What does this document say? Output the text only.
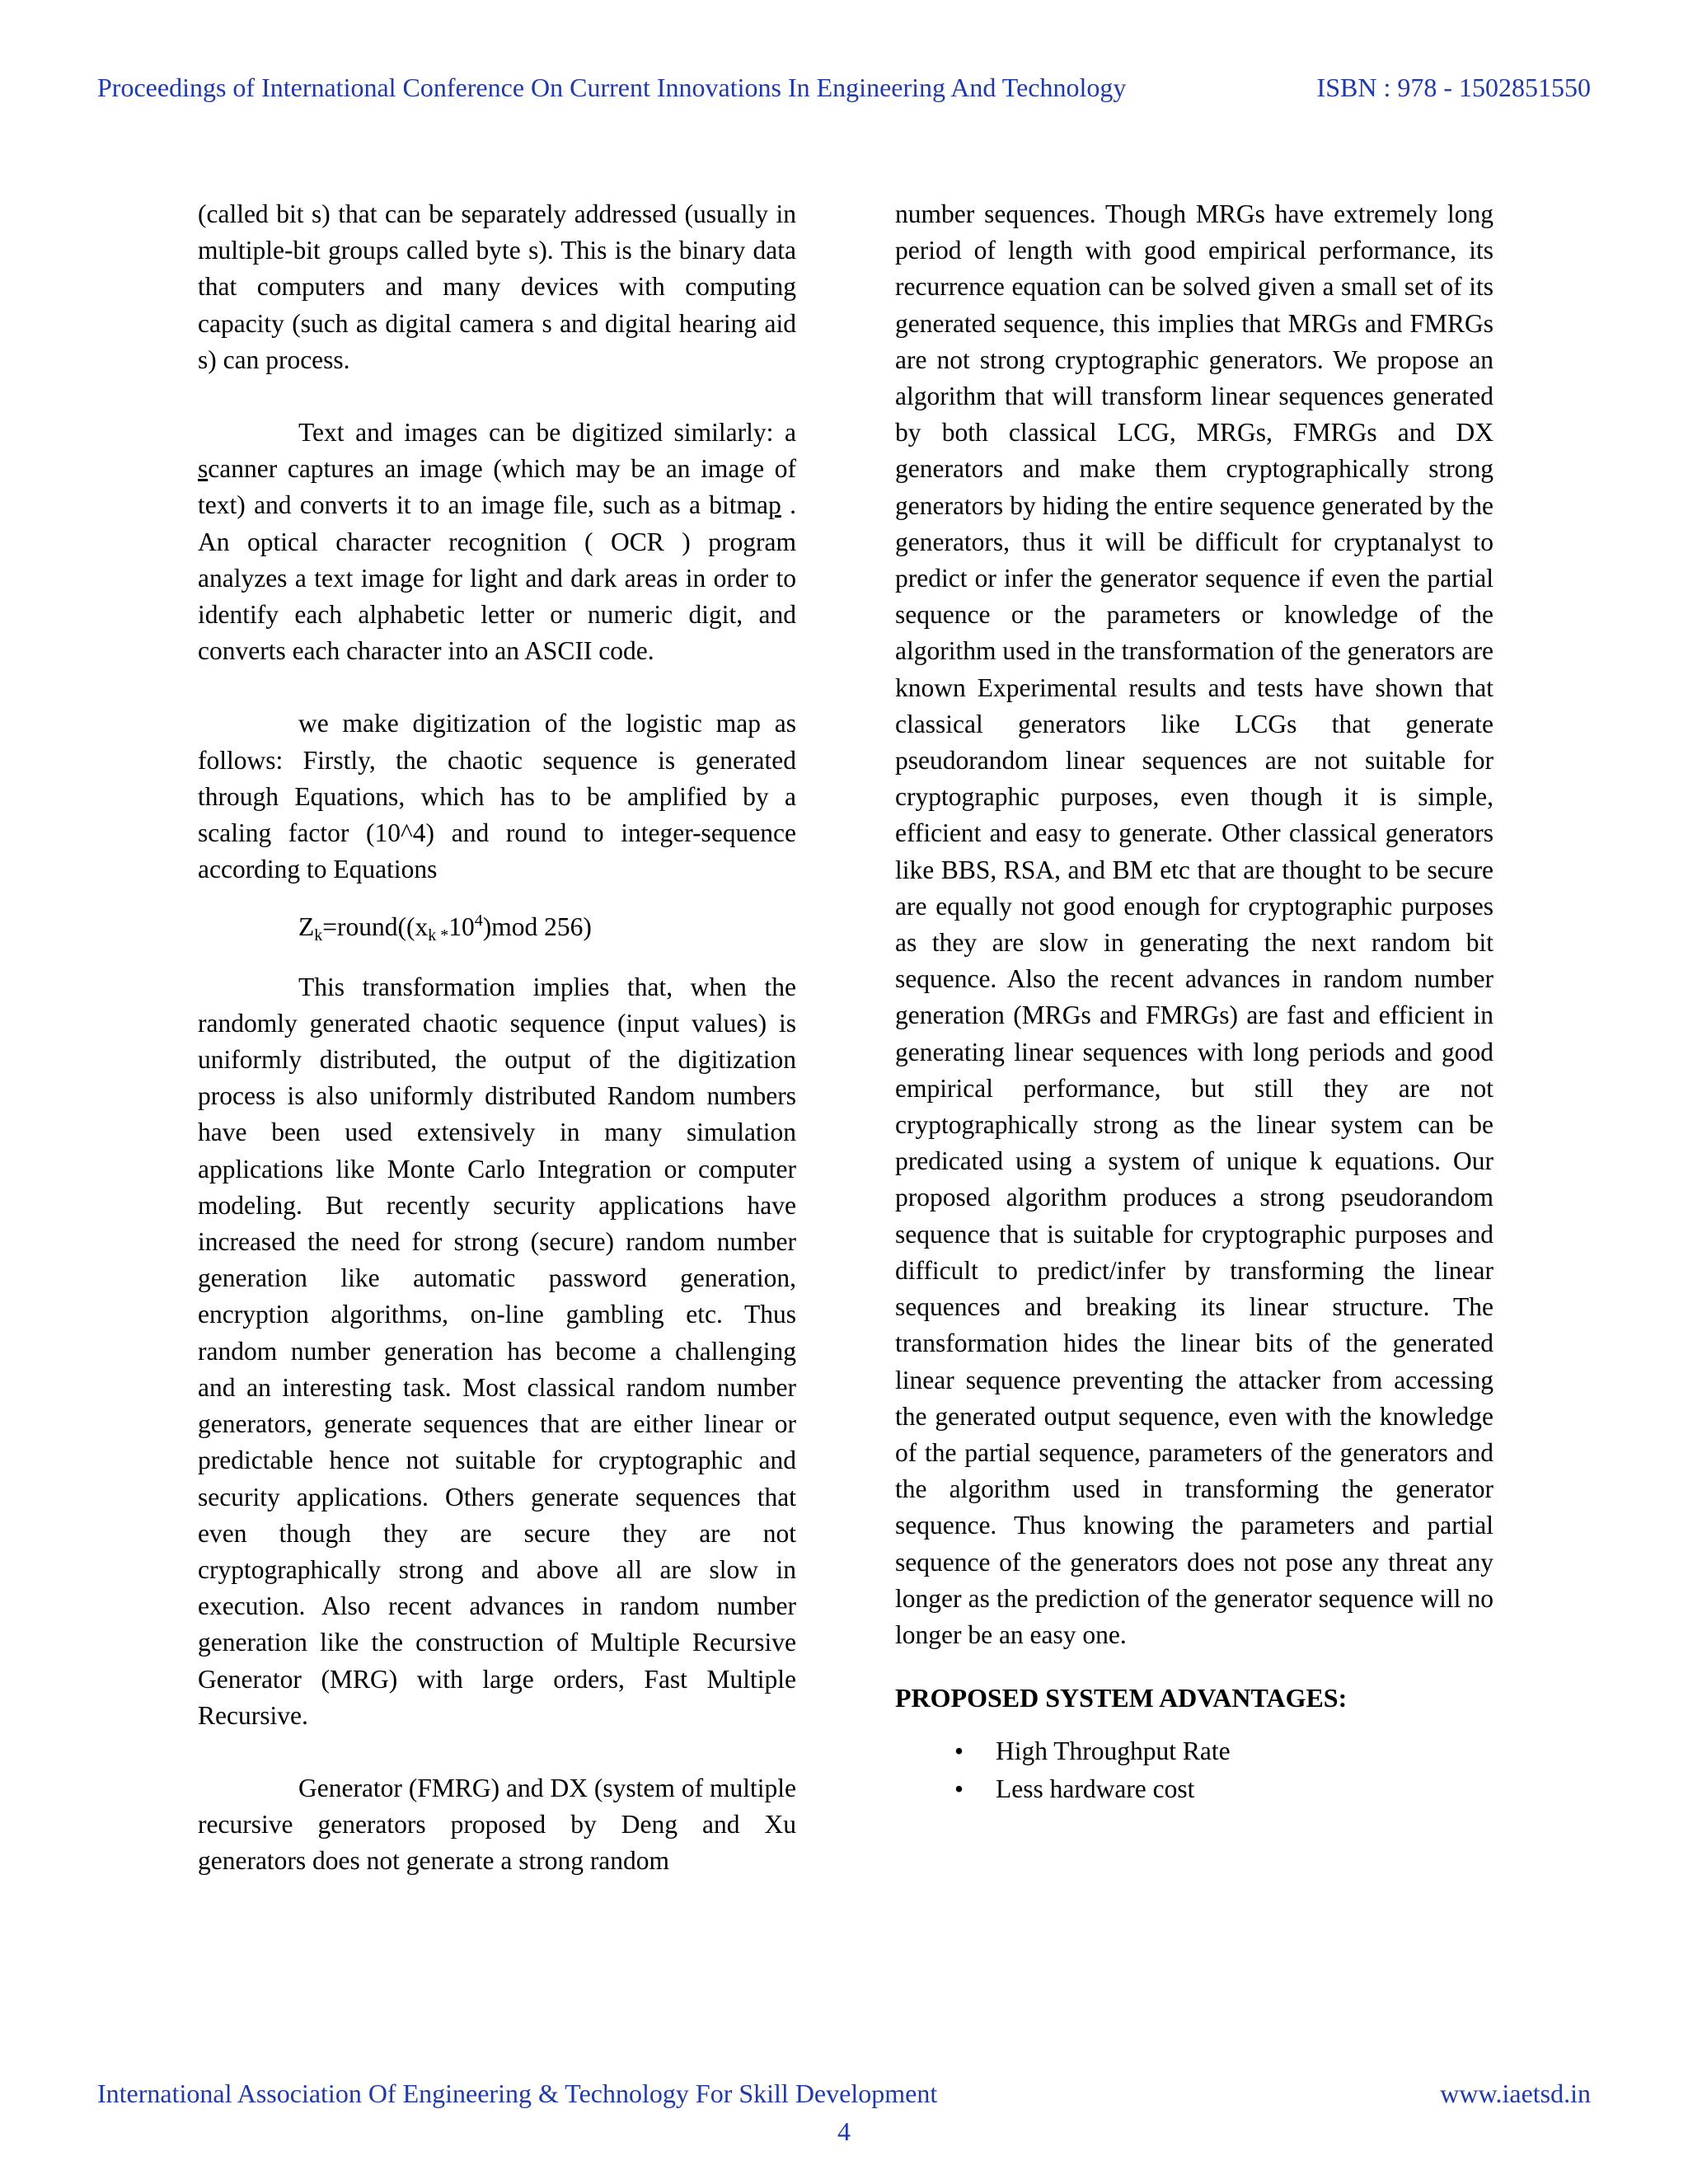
Proceedings of International Conference On Current Innovations In Engineering And Technology	ISBN : 978 - 1502851550

(called bit s) that can be separately addressed (usually in multiple-bit groups called byte s). This is the binary data that computers and many devices with computing capacity (such as digital camera s and digital hearing aid s) can process.

Text and images can be digitized similarly: a scanner captures an image (which may be an image of text) and converts it to an image file, such as a bitmap . An optical character recognition ( OCR ) program analyzes a text image for light and dark areas in order to identify each alphabetic letter or numeric digit, and converts each character into an ASCII code.

we make digitization of the logistic map as follows: Firstly, the chaotic sequence is generated through Equations, which has to be amplified by a scaling factor (10^4) and round to integer-sequence according to Equations

$Z_k=round((x_{k *}10^4)mod$ 256)

This transformation implies that, when the randomly generated chaotic sequence (input values) is uniformly distributed, the output of the digitization process is also uniformly distributed Random numbers have been used extensively in many simulation applications like Monte Carlo Integration or computer modeling. But recently security applications have increased the need for strong (secure) random number generation like automatic password generation, encryption algorithms, on-line gambling etc. Thus random number generation has become a challenging and an interesting task. Most classical random number generators, generate sequences that are either linear or predictable hence not suitable for cryptographic and security applications. Others generate sequences that even though they are secure they are not cryptographically strong and above all are slow in execution. Also recent advances in random number generation like the construction of Multiple Recursive Generator (MRG) with large orders, Fast Multiple Recursive.

Generator (FMRG) and DX (system of multiple recursive generators proposed by Deng and Xu generators does not generate a strong random

number sequences. Though MRGs have extremely long period of length with good empirical performance, its recurrence equation can be solved given a small set of its generated sequence, this implies that MRGs and FMRGs are not strong cryptographic generators. We propose an algorithm that will transform linear sequences generated by both classical LCG, MRGs, FMRGs and DX generators and make them cryptographically strong generators by hiding the entire sequence generated by the generators, thus it will be difficult for cryptanalyst to predict or infer the generator sequence if even the partial sequence or the parameters or knowledge of the algorithm used in the transformation of the generators are known Experimental results and tests have shown that classical generators like LCGs that generate pseudorandom linear sequences are not suitable for cryptographic purposes, even though it is simple, efficient and easy to generate. Other classical generators like BBS, RSA, and BM etc that are thought to be secure are equally not good enough for cryptographic purposes as they are slow in generating the next random bit sequence. Also the recent advances in random number generation (MRGs and FMRGs) are fast and efficient in generating linear sequences with long periods and good empirical performance, but still they are not cryptographically strong as the linear system can be predicated using a system of unique k equations. Our proposed algorithm produces a strong pseudorandom sequence that is suitable for cryptographic purposes and difficult to predict/infer by transforming the linear sequences and breaking its linear structure. The transformation hides the linear bits of the generated linear sequence preventing the attacker from accessing the generated output sequence, even with the knowledge of the partial sequence, parameters of the generators and the algorithm used in transforming the generator sequence. Thus knowing the parameters and partial sequence of the generators does not pose any threat any longer as the prediction of the generator sequence will no longer be an easy one.

PROPOSED SYSTEM ADVANTAGES:
• High Throughput Rate
• Less hardware cost
International Association Of Engineering & Technology For Skill Development	www.iaetsd.in
4
